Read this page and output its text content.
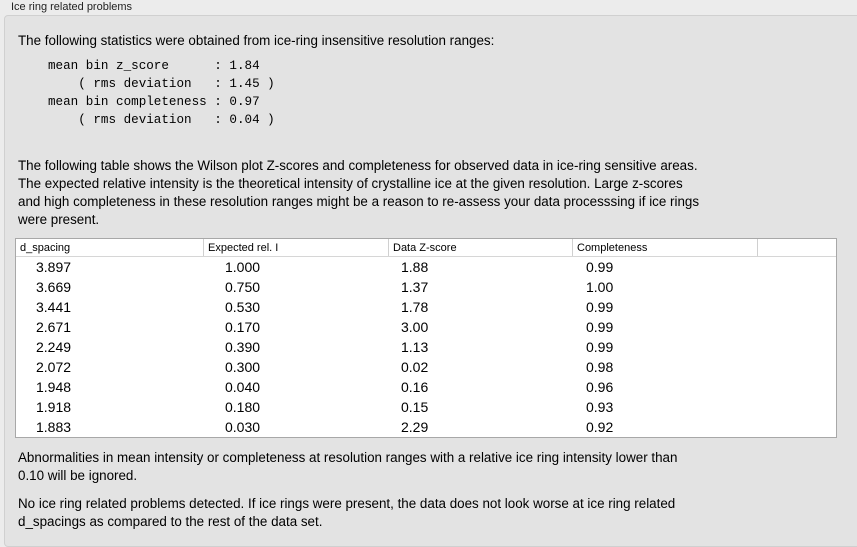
Ice ring related problems
The following statistics were obtained from ice-ring insensitive resolution ranges:
mean bin z_score      : 1.84
( rms deviation   : 1.45 )
mean bin completeness : 0.97
( rms deviation   : 0.04 )
The following table shows the Wilson plot Z-scores and completeness for observed data in ice-ring sensitive areas.
The expected relative intensity is the theoretical intensity of crystalline ice at the given resolution. Large z-scores
and high completeness in these resolution ranges might be a reason to re-assess your data processsing if ice rings
were present.
d_spacing	Expected rel. I	Data Z-score	Completeness
3.897	1.000	1.88	0.99
3.669	0.750	1.37	1.00
3.441	0.530	1.78	0.99
2.671	0.170	3.00	0.99
2.249	0.390	1.13	0.99
2.072	0.300	0.02	0.98
1.948	0.040	0.16	0.96
1.918	0.180	0.15	0.93
1.883	0.030	2.29	0.92
Abnormalities in mean intensity or completeness at resolution ranges with a relative ice ring intensity lower than
0.10 will be ignored.
No ice ring related problems detected. If ice rings were present, the data does not look worse at ice ring related
d_spacings as compared to the rest of the data set.
